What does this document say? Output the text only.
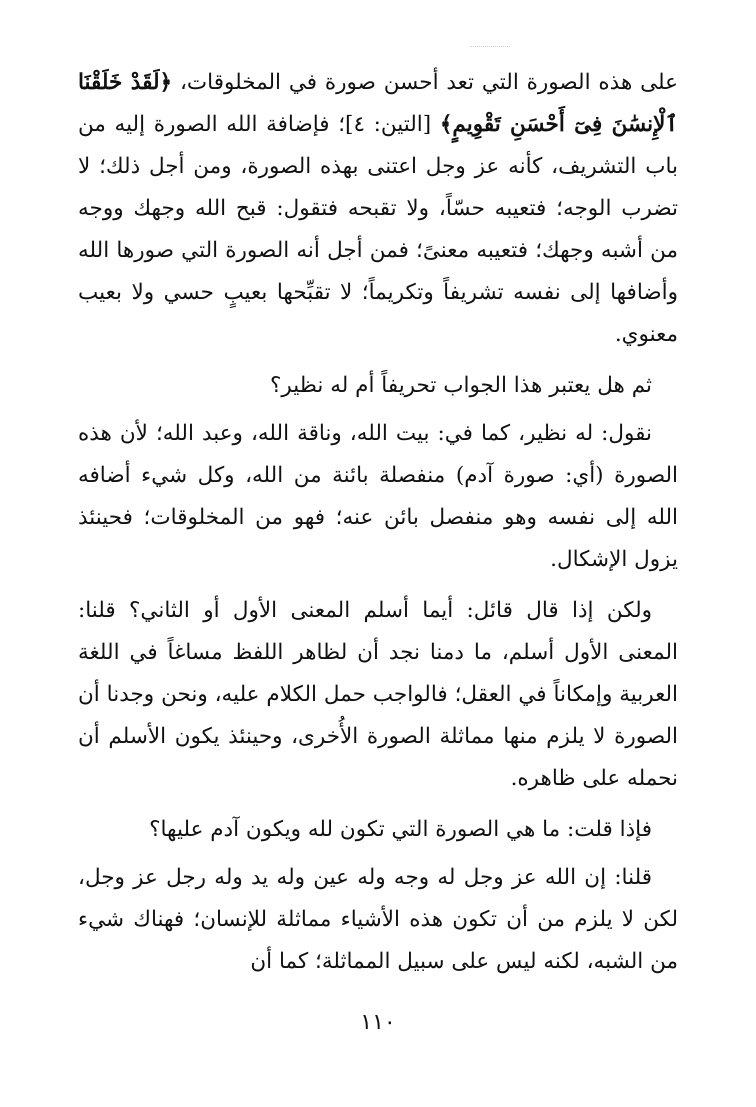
على هذه الصورة التي تعد أحسن صورة في المخلوقات، ﴿لَقَدْ خَلَقْنَا ٱلْإِنسَٰنَ فِىٓ أَحْسَنِ تَقْوِيمٍ﴾ [التين: ٤]؛ فإضافة الله الصورة إليه من باب التشريف، كأنه عز وجل اعتنى بهذه الصورة، ومن أجل ذلك؛ لا تضرب الوجه؛ فتعيبه حسّاً، ولا تقبحه فتقول: قبح الله وجهك ووجه من أشبه وجهك؛ فتعيبه معنىً؛ فمن أجل أنه الصورة التي صورها الله وأضافها إلى نفسه تشريفاً وتكريماً؛ لا تقبِّحها بعيبٍ حسي ولا بعيب معنوي.

ثم هل يعتبر هذا الجواب تحريفاً أم له نظير؟

نقول: له نظير، كما في: بيت الله، وناقة الله، وعبد الله؛ لأن هذه الصورة (أي: صورة آدم) منفصلة بائنة من الله، وكل شيء أضافه الله إلى نفسه وهو منفصل بائن عنه؛ فهو من المخلوقات؛ فحينئذ يزول الإشكال.

ولكن إذا قال قائل: أيما أسلم المعنى الأول أو الثاني؟ قلنا: المعنى الأول أسلم، ما دمنا نجد أن لظاهر اللفظ مساغاً في اللغة العربية وإمكاناً في العقل؛ فالواجب حمل الكلام عليه، ونحن وجدنا أن الصورة لا يلزم منها مماثلة الصورة الأُخرى، وحينئذ يكون الأسلم أن نحمله على ظاهره.

فإذا قلت: ما هي الصورة التي تكون لله ويكون آدم عليها؟

قلنا: إن الله عز وجل له وجه وله عين وله يد وله رجل عز وجل، لكن لا يلزم من أن تكون هذه الأشياء مماثلة للإنسان؛ فهناك شيء من الشبه، لكنه ليس على سبيل المماثلة؛ كما أن

١١٠
